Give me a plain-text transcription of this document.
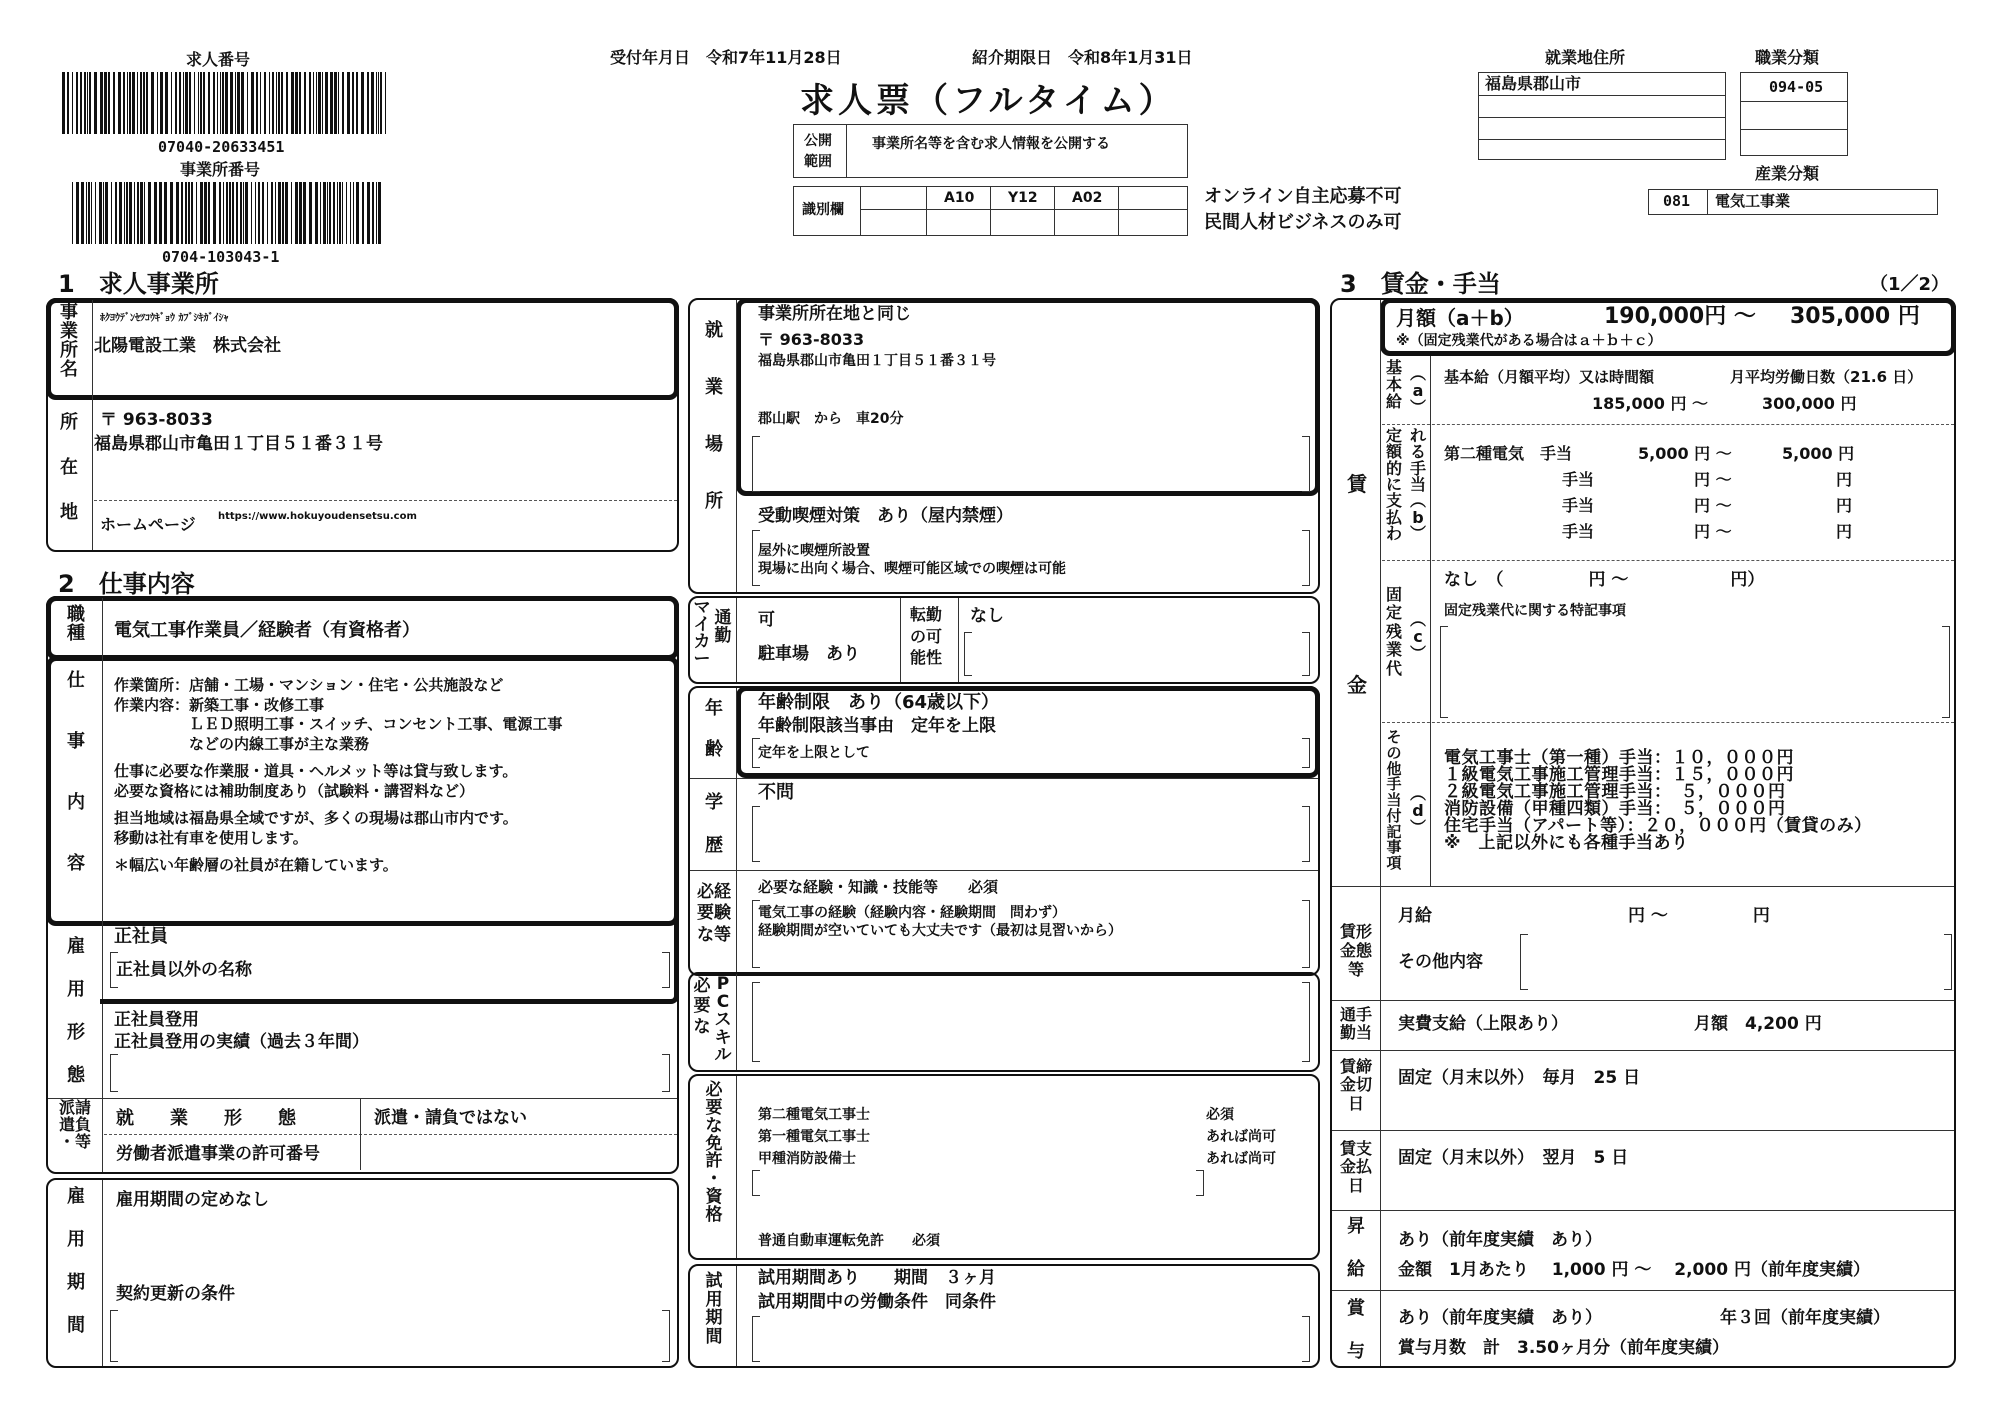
求人番号
07040-20633451
事業所番号
0704-103043-1
受付年月日　令和7年11月28日	紹介期限日　令和8年1月31日
求人票（フルタイム）
公開範囲
事業所名等を含む求人情報を公開する
識別欄
A10 Y12 A02	オンライン自主応募不可
民間人材ビジネスのみ可
就業地住所
福島県郡山市
職業分類
094-05
産業分類
081 電気工事業
1　求人事業所
事
業
所
名
ﾎｸﾖｳﾃﾞﾝｾﾂｺｳｷﾞｮｳ ｶﾌﾞｼｷｶﾞｲｼｬ
北陽電設工業　株式会社
所
在
地
〒 963-8033
福島県郡山市亀田１丁目５１番３１号
ホームページ https://www.hokuyoudensetsu.com
2　仕事内容
職
種 電気工事作業員／経験者（有資格者）
仕
事
内
容
作業箇所：店舗・工場・マンション・住宅・公共施設など
作業内容：新築工事・改修工事
　　　　　ＬＥＤ照明工事・スイッチ、コンセント工事、電源工事
　　　　　などの内線工事が主な業務
仕事に必要な作業服・道具・ヘルメット等は貸与致します。
必要な資格には補助制度あり（試験料・講習料など）
担当地域は福島県全域ですが、多くの現場は郡山市内です。
移動は社有車を使用します。
＊幅広い年齢層の社員が在籍しています。
雇
用
形
態
正社員
正社員以外の名称
正社員登用
正社員登用の実績（過去３年間）
派請
遣負
・等
就　　業　　形　　態	派遣・請負ではない
労働者派遣事業の許可番号
雇
用
期
間
雇用期間の定めなし
契約更新の条件
就
業
場
所
事業所所在地と同じ
〒 963-8033
福島県郡山市亀田１丁目５１番３１号
郡山駅　から　車20分
受動喫煙対策　あり（屋内禁煙）
屋外に喫煙所設置
現場に出向く場合、喫煙可能区域での喫煙は可能
マ
イ
カ
ー
通
勤
可
駐車場　あり
転勤の可能性
なし
年
齢
年齢制限　あり（64歳以下）
年齢制限該当事由　定年を上限
定年を上限として
学
歴
不問
必経
要験
な等
必要な経験・知識・技能等　　必須
電気工事の経験（経験内容・経験期間　問わず）
経験期間が空いていても大丈夫です（最初は見習いから）
必
要
な
P
C
ス
キ
ル
必
要
な
免
許
・
資
格
第二種電気工事士	必須
第一種電気工事士	あれば尚可
甲種消防設備士	あれば尚可
普通自動車運転免許　　必須
試
用
期
間
試用期間あり　　期間　３ヶ月
試用期間中の労働条件　同条件
3　賃金・手当	（1／2）
賃
金
月額（a＋b）	190,000円 〜 305,000 円
※（固定残業代がある場合はａ＋ｂ＋ｃ）
基
本
給
︵
a
︶
基本給（月額平均）又は時間額	月平均労働日数（21.6 日）
185,000 円 〜	300,000 円
定
額
的
に
支
払
わ
れ
る
手
当
︵
b
︶
第二種電気　手当	5,000 円 〜	5,000 円
手当	円 〜	円
手当	円 〜	円
手当	円 〜	円
固
定
残
業
代
︵
c
︶
なし　（　　　　　円 〜　　　　　　円）
固定残業代に関する特記事項
そ
の
他
手
当
付
記
事
項
︵
d
︶
電気工事士（第一種）手当：１０，０００円
１級電気工事施工管理手当：１５，０００円
２級電気工事施工管理手当：　５，０００円
消防設備（甲種四類）手当：　５，０００円
住宅手当（アパート等）：２０，０００円（賃貸のみ）
※　上記以外にも各種手当あり
賃形
金態
等
月給	円 〜　　　　　円
その他内容
通手
勤当 実費支給（上限あり）	月額　4,200 円
賃締
金切
日
固定（月末以外）　毎月　25 日
賃支
金払
日
固定（月末以外）　翌月　5 日
昇
給
あり（前年度実績　あり）
金額　1月あたり　 1,000 円 〜　 2,000 円（前年度実績）
賞
与
あり（前年度実績　あり）	年３回（前年度実績）
賞与月数　計　3.50ヶ月分（前年度実績）
